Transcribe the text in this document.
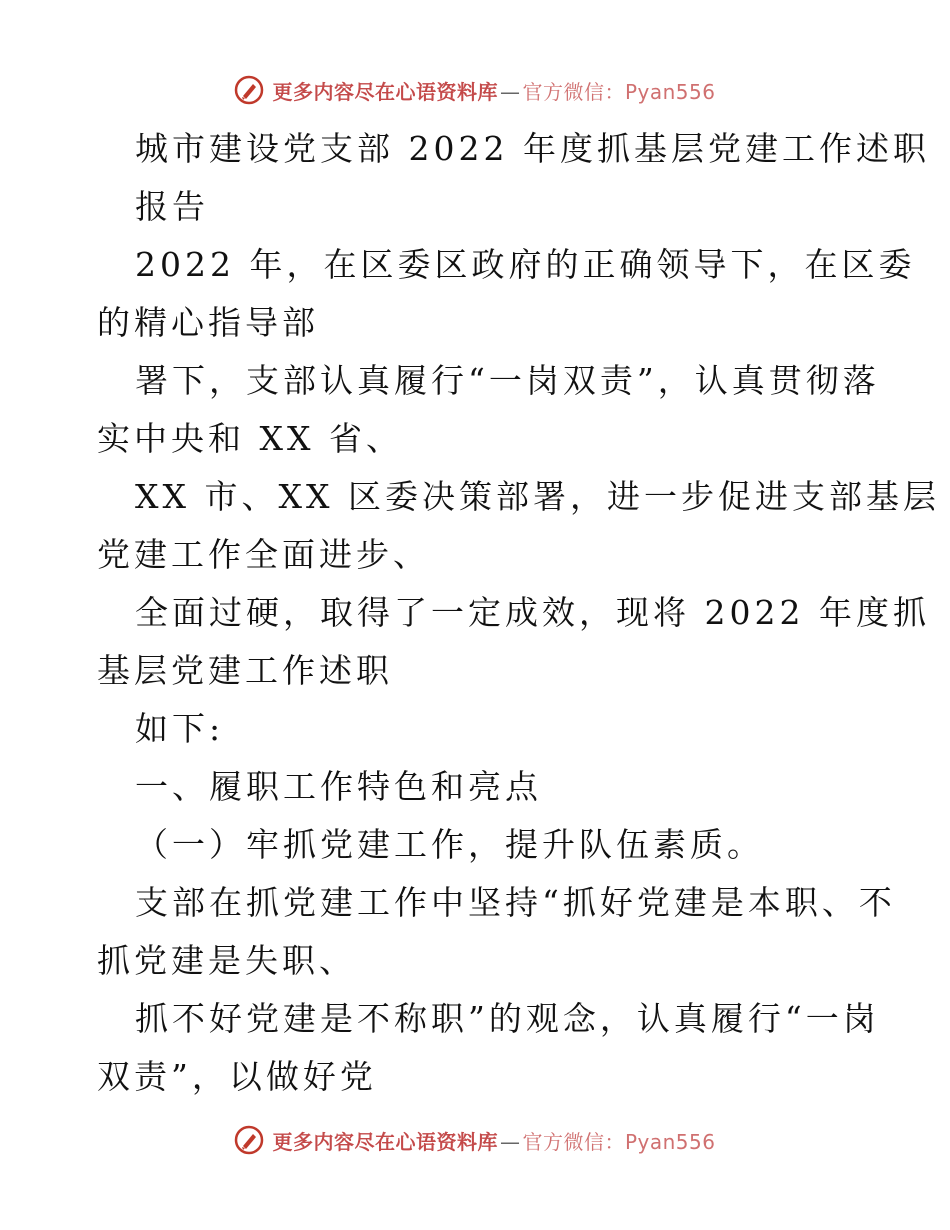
更多内容尽在心语资料库 — 官方微信：Pyan556
城市建设党支部 2022 年度抓基层党建工作述职
报告
2022 年，在区委区政府的正确领导下，在区委
的精心指导部
署下，支部认真履行“一岗双责”，认真贯彻落
实中央和 XX 省、
XX 市、XX 区委决策部署，进一步促进支部基层
党建工作全面进步、
全面过硬，取得了一定成效，现将 2022 年度抓
基层党建工作述职
如下:
一、履职工作特色和亮点
（一）牢抓党建工作，提升队伍素质。
支部在抓党建工作中坚持“抓好党建是本职、不
抓党建是失职、
抓不好党建是不称职”的观念，认真履行“一岗
双责”，以做好党
更多内容尽在心语资料库 — 官方微信：Pyan556
